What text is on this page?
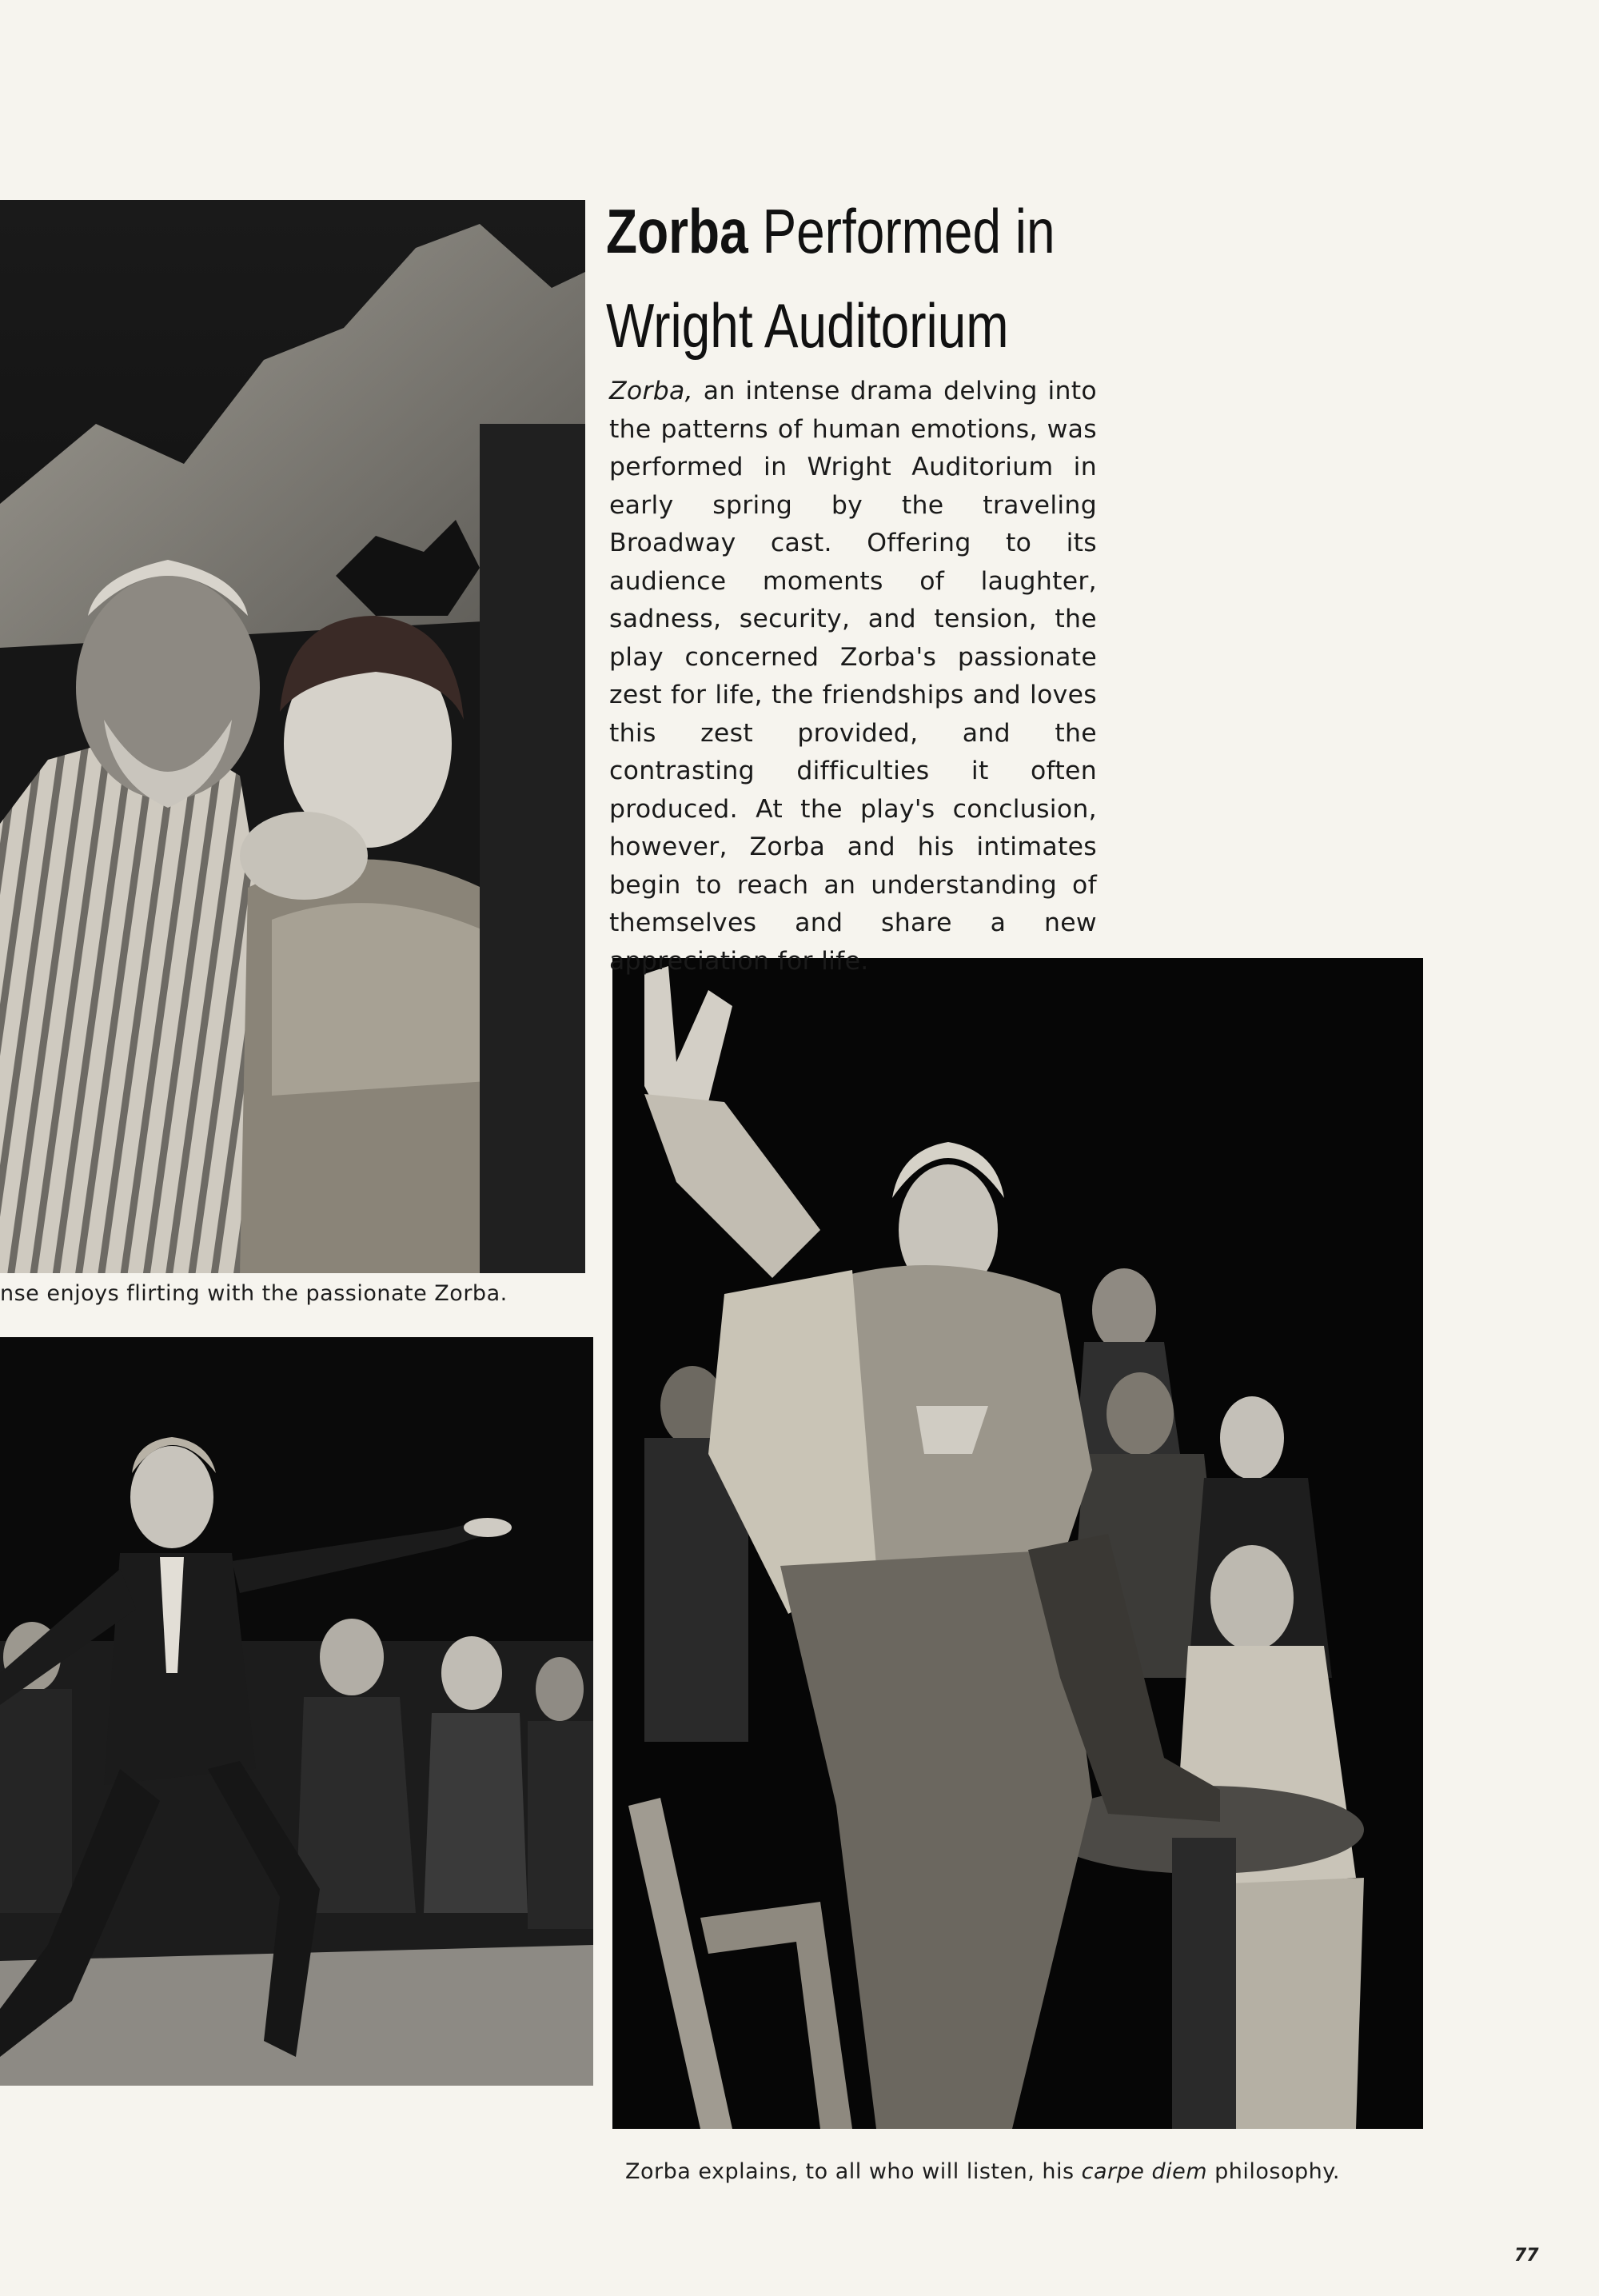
nse enjoys flirting with the passionate Zorba.
Zorba Performed in
Wright Auditorium
Zorba, an intense drama delving into the patterns of human emotions, was performed in Wright Auditorium in early spring by the traveling Broadway cast. Offering to its audience moments of laughter, sadness, security, and tension, the play concerned Zorba's passionate zest for life, the friendships and loves this zest provided, and the contrasting difficulties it often produced. At the play's conclusion, however, Zorba and his intimates begin to reach an understanding of themselves and share a new appreciation for life.
Zorba explains, to all who will listen, his carpe diem philosophy.
77
